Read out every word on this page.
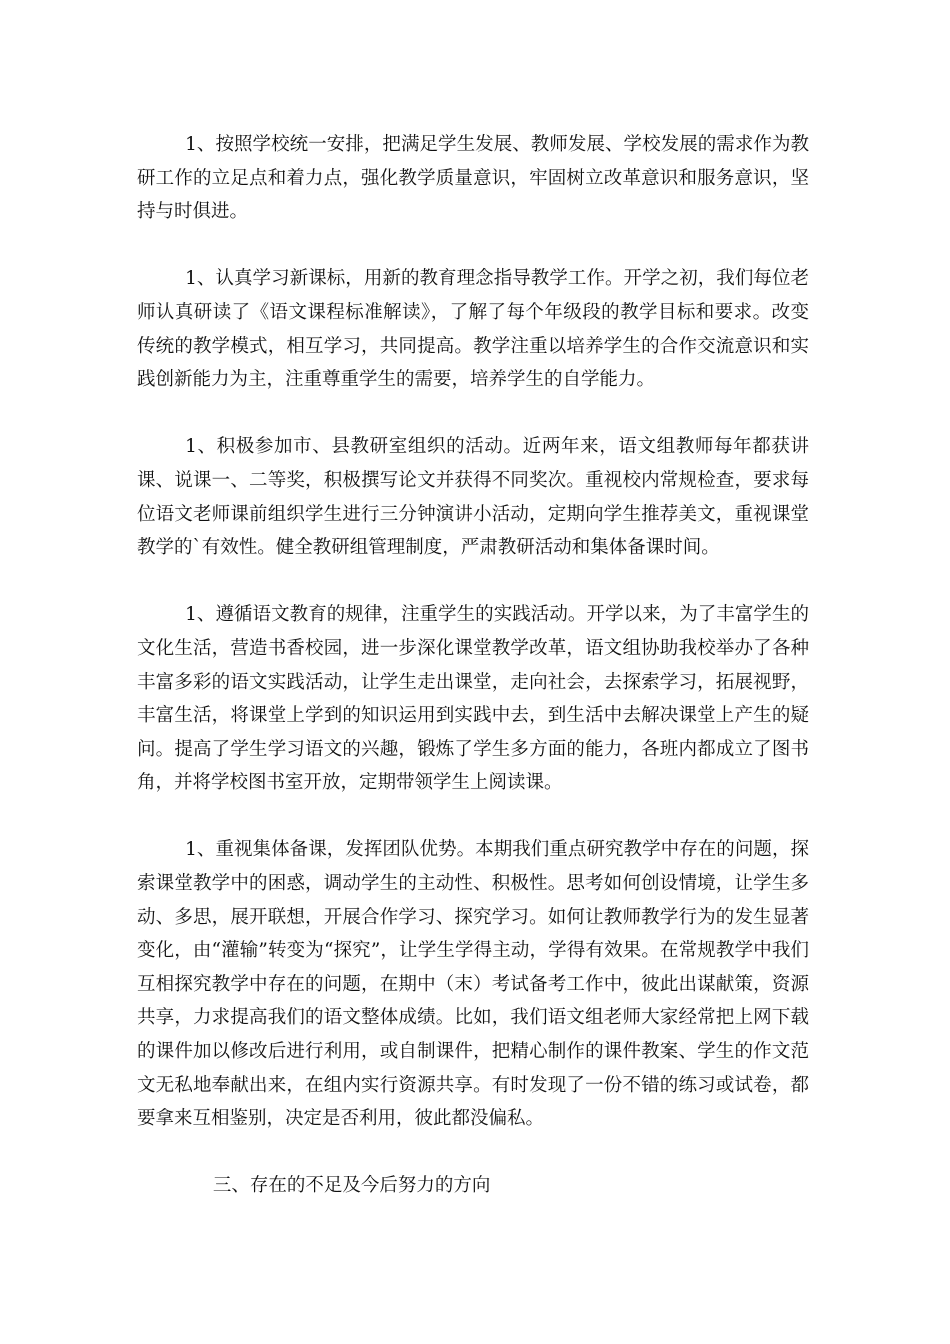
1、按照学校统一安排，把满足学生发展、教师发展、学校发展的需求作为教研工作的立足点和着力点，强化教学质量意识，牢固树立改革意识和服务意识，坚持与时俱进。

1、认真学习新课标，用新的教育理念指导教学工作。开学之初，我们每位老师认真研读了《语文课程标准解读》，了解了每个年级段的教学目标和要求。改变传统的教学模式，相互学习，共同提高。教学注重以培养学生的合作交流意识和实践创新能力为主，注重尊重学生的需要，培养学生的自学能力。

1、积极参加市、县教研室组织的活动。近两年来，语文组教师每年都获讲课、说课一、二等奖，积极撰写论文并获得不同奖次。重视校内常规检查，要求每位语文老师课前组织学生进行三分钟演讲小活动，定期向学生推荐美文，重视课堂教学的`有效性。健全教研组管理制度，严肃教研活动和集体备课时间。

1、遵循语文教育的规律，注重学生的实践活动。开学以来，为了丰富学生的文化生活，营造书香校园，进一步深化课堂教学改革，语文组协助我校举办了各种丰富多彩的语文实践活动，让学生走出课堂，走向社会，去探索学习，拓展视野，丰富生活，将课堂上学到的知识运用到实践中去，到生活中去解决课堂上产生的疑问。提高了学生学习语文的兴趣，锻炼了学生多方面的能力，各班内都成立了图书角，并将学校图书室开放，定期带领学生上阅读课。

1、重视集体备课，发挥团队优势。本期我们重点研究教学中存在的问题，探索课堂教学中的困惑，调动学生的主动性、积极性。思考如何创设情境，让学生多动、多思，展开联想，开展合作学习、探究学习。如何让教师教学行为的发生显著变化，由“灌输”转变为“探究”，让学生学得主动，学得有效果。在常规教学中我们互相探究教学中存在的问题，在期中（末）考试备考工作中，彼此出谋献策，资源共享，力求提高我们的语文整体成绩。比如，我们语文组老师大家经常把上网下载的课件加以修改后进行利用，或自制课件，把精心制作的课件教案、学生的作文范文无私地奉献出来，在组内实行资源共享。有时发现了一份不错的练习或试卷，都要拿来互相鉴别，决定是否利用，彼此都没偏私。

三、存在的不足及今后努力的方向
